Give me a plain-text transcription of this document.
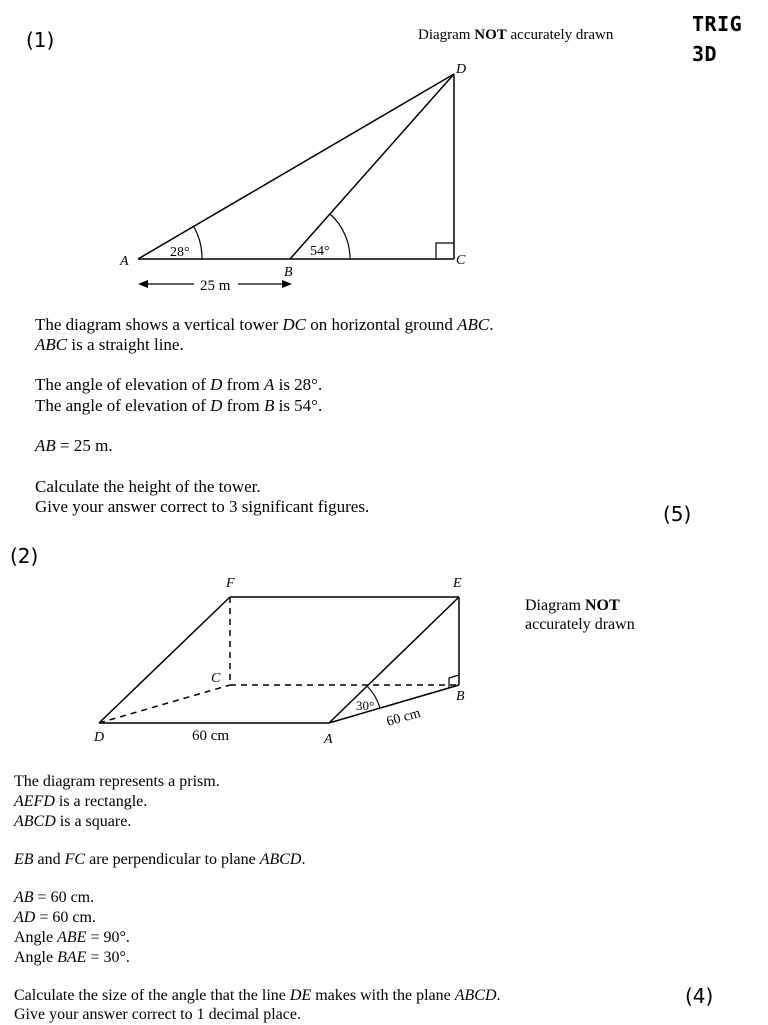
TRIG
3D
(1)	Diagram NOT accurately drawn
A
B
C
D
28°	54°
25 m
The diagram shows a vertical tower DC on horizontal ground ABC.
ABC is a straight line.
The angle of elevation of D from A is 28°.
The angle of elevation of D from B is 54°.
AB = 25 m.
Calculate the height of the tower.
Give your answer correct to 3 significant figures.	(5)
(2)
F	E
C
B
D	A
30°
60 cm
60 cm
Diagram NOT
accurately drawn
The diagram represents a prism.
AEFD is a rectangle.
ABCD is a square.
EB and FC are perpendicular to plane ABCD.
AB = 60 cm.
AD = 60 cm.
Angle ABE = 90°.
Angle BAE = 30°.
Calculate the size of the angle that the line DE makes with the plane ABCD.
Give your answer correct to 1 decimal place.
(4)
